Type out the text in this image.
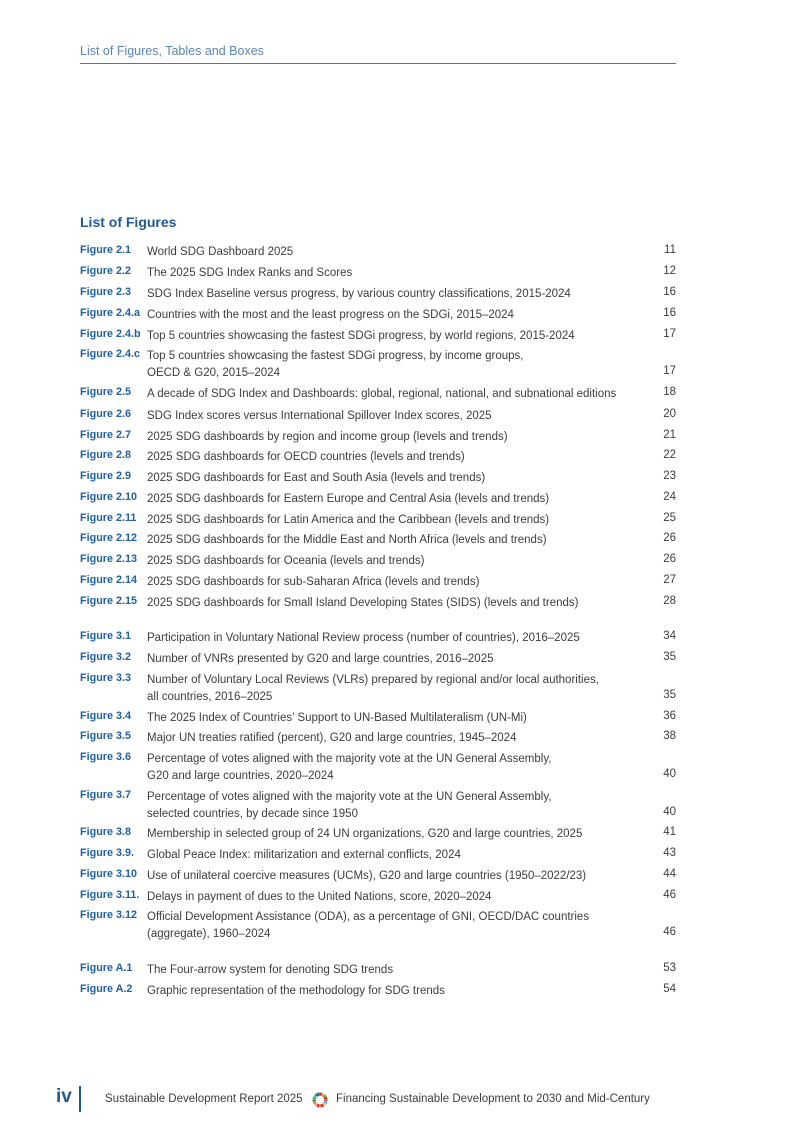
List of Figures, Tables and Boxes
List of Figures
Figure 2.1 World SDG Dashboard 2025	11
Figure 2.2 The 2025 SDG Index Ranks and Scores	12
Figure 2.3 SDG Index Baseline versus progress, by various country classifications, 2015-2024	16
Figure 2.4.a Countries with the most and the least progress on the SDGi, 2015–2024	16
Figure 2.4.b Top 5 countries showcasing the fastest SDGi progress, by world regions, 2015-2024	17
Figure 2.4.c Top 5 countries showcasing the fastest SDGi progress, by income groups,
OECD & G20, 2015–2024	17
Figure 2.5 A decade of SDG Index and Dashboards: global, regional, national, and subnational editions	18
Figure 2.6 SDG Index scores versus International Spillover Index scores, 2025	20
Figure 2.7 2025 SDG dashboards by region and income group (levels and trends)	21
Figure 2.8 2025 SDG dashboards for OECD countries (levels and trends)	22
Figure 2.9 2025 SDG dashboards for East and South Asia (levels and trends)	23
Figure 2.10 2025 SDG dashboards for Eastern Europe and Central Asia (levels and trends)	24
Figure 2.11 2025 SDG dashboards for Latin America and the Caribbean (levels and trends)	25
Figure 2.12 2025 SDG dashboards for the Middle East and North Africa (levels and trends)	26
Figure 2.13 2025 SDG dashboards for Oceania (levels and trends)	26
Figure 2.14 2025 SDG dashboards for sub-Saharan Africa (levels and trends)	27
Figure 2.15 2025 SDG dashboards for Small Island Developing States (SIDS) (levels and trends)	28
Figure 3.1 Participation in Voluntary National Review process (number of countries), 2016–2025	34
Figure 3.2 Number of VNRs presented by G20 and large countries, 2016–2025	35
Figure 3.3 Number of Voluntary Local Reviews (VLRs) prepared by regional and/or local authorities,
all countries, 2016–2025	35
Figure 3.4 The 2025 Index of Countries’ Support to UN-Based Multilateralism (UN-Mi)	36
Figure 3.5 Major UN treaties ratified (percent), G20 and large countries, 1945–2024	38
Figure 3.6 Percentage of votes aligned with the majority vote at the UN General Assembly,
G20 and large countries, 2020–2024	40
Figure 3.7 Percentage of votes aligned with the majority vote at the UN General Assembly,
selected countries, by decade since 1950	40
Figure 3.8 Membership in selected group of 24 UN organizations, G20 and large countries, 2025	41
Figure 3.9. Global Peace Index: militarization and external conflicts, 2024	43
Figure 3.10 Use of unilateral coercive measures (UCMs), G20 and large countries (1950–2022/23)	44
Figure 3.11. Delays in payment of dues to the United Nations, score, 2020–2024	46
Figure 3.12 Official Development Assistance (ODA), as a percentage of GNI, OECD/DAC countries
(aggregate), 1960–2024	46
Figure A.1 The Four-arrow system for denoting SDG trends	53
Figure A.2 Graphic representation of the methodology for SDG trends	54
iv	Sustainable Development Report 2025	Financing Sustainable Development to 2030 and Mid-Century
